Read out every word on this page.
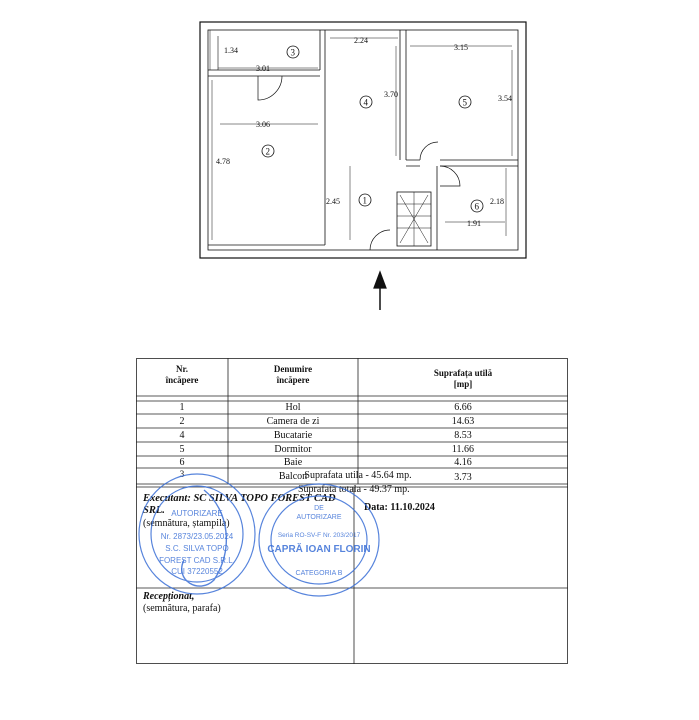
3
2
4	5
1
6
1.34
3.01
2.24
3.15
3.70	3.54
3.06
4.78
2.45	2.18
1.91
Nr.
încăpere
Denumire
încăpere
Suprafața utilă
[mp]
1	Hol	6.66
2	Camera de zi	14.63
4	Bucatarie	8.53
5	Dormitor	11.66
6	Baie	4.16
Suprafata utila - 45.64 mp.
3	Balcon	3.73
Suprafata totala - 49.37 mp.
Executant: SC SILVA TOPO FOREST CAD
SRL.
(semnătura, ștampila)
Data: 11.10.2024
Recepționat,
(semnătura, parafa)
AUTORIZARE
Nr. 2873/23.05.2024
S.C. SILVA TOPO
FOREST CAD S.R.L.
CUI 37220552
DE
AUTORIZARE
Seria RO-SV-F Nr. 203/2017
CAPRĂ IOAN FLORIN
CATEGORIA B
